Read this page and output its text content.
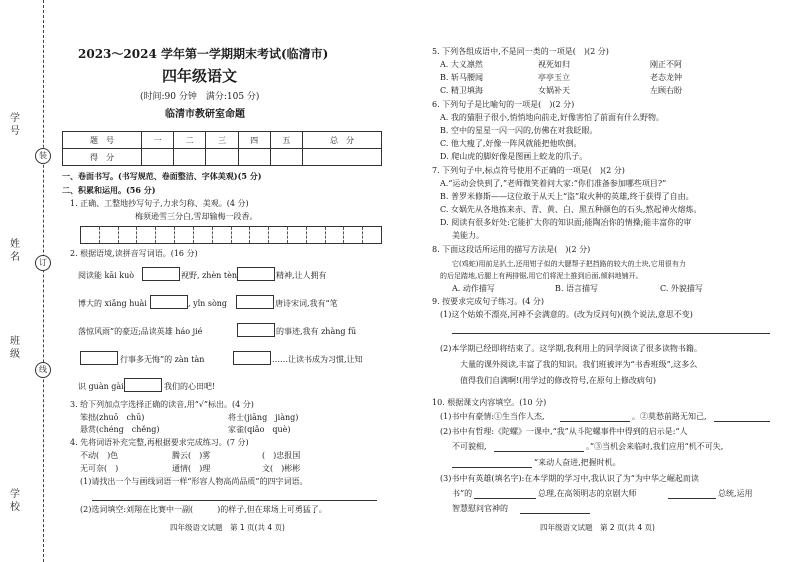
学 号
姓 名
班 级
学 校
装
订
线
2023～2024 学年第一学期期末考试(临清市)
四年级语文
(时间:90 分钟　满分:105 分)
临清市教研室命题
题　号	一	二	三	四	五	总　分
得　分						
一、卷面书写。(书写规范、卷面整洁、字体美观)(5 分)
二、积累和运用。(56 分)
1. 正确、工整地抄写句子,力求匀称、美观。(4 分)
梅须逊雪三分白,雪却输梅一段香。
2. 根据语境,读拼音写词语。(16 分)
阅读能 kāi kuò	视野, zhèn tèn	精神,让人拥有
博大的 xiǎng huài	, yǐn sòng	唐诗宋词,我有“笔
落惊风雨”的豪迈;品读英雄 háo jié	的事迹,我有 zhàng fū
行事多无悔”的 zàn tàn	……让读书成为习惯,让知
识 guàn gài	我们的心田吧!
3. 给下列加点字选择正确的读音,用“√”标出。(4 分)
笨拙(zhuō　chū)	将士(jiāng　jiàng)
悬赏(chéng　chěng)	家雀(qiǎo　què)
4. 先将词语补充完整,再根据要求完成练习。(7 分)
不动(　)色	腾云(　)雾	(　)忠报国
无可奈(　)	通情(　)理	文(　)彬彬
(1)请找出一个与画线词语一样“形容人物高尚品质”的四字词语。
(2)选词填空:刘翔在比赛中一副(　　　)的样子,但在球场上可勇猛了。
四年级语文试题　第 1 页(共 4 页)
5. 下列各组成语中,不是同一类的一项是(　)(2 分)
A. 大义凛然	视死如归	刚正不阿
B. 斩马腰闻	亭亭玉立	老态龙钟
C. 精卫填海	女娲补天	左顾右盼
6. 下列句子是比喻句的一项是(　)(2 分)
A. 我的猫胆子很小,悄悄地向前走,好像害怕了前面有什么野物。
B. 空中的星星一闪一闪的,仿佛在对我眨眼。
C. 他大瘦了,好像一阵风就能把他吹倒。
D. 爬山虎的脚好像是图画上蛟龙的爪子。
7. 下列句子中,标点符号使用不正确的一项是(　)(2 分)
A.“运动会快到了,”老师微笑着问大家:“你们准备参加哪些项目?”
B. 普罗米修斯——这位敢于从天上“盗”取火种的英雄,终于获得了自由。
C. 女娲先从各地拣来赤、青、黄、白、黑五种颜色的石头,熬起神火熔炼。
D. 阅读有很多好处:它能扩大你的知识面;能陶冶你的情操;能丰富你的审
美能力。
8. 下面这段话所运用的描写方法是(　)(2 分)
它(鸡蛇)用前足扒土,还用钳子似的大腮帮子把挡路的较大的土块,它用很有力
的后足踏地,后腿上有两排锯,用它们将泥土推到后面,倾斜地铺开。
A. 动作描写	B. 语言描写	C. 外貌描写
9. 按要求完成句子练习。(4 分)
(1)这个姑娘不漂亮,河神不会满意的。(改为反问句)(换个说法,意思不变)
(2)本学期已经即将结束了。这学期,我利用上的同学阅读了很多读物书籍。
大量的课外阅读,丰富了我的知识。我们班被评为“书香班级”,这多么
值得我们自满啊!(用学过的修改符号,在原句上修改病句)
10. 根据课文内容填空。(10 分)
(1)书中有豪情:①生当作人杰,	。②莫愁前路无知己,
(2)书中有哲理:《陀螺》一课中,“我”从斗陀螺事件中得到的启示是:“人
不可貌相,	。”③当机会来临时,我们应用“机不可失,
”来动人奋进,把握时机。
(3)书中有英雄(填名字):在本学期的学习中,我认识了为“为中华之崛起而读
书”的	总理,在高领明志的京剧大师	总统,运用
智慧慰问官神的
四年级语文试题　第 2 页(共 4 页)
